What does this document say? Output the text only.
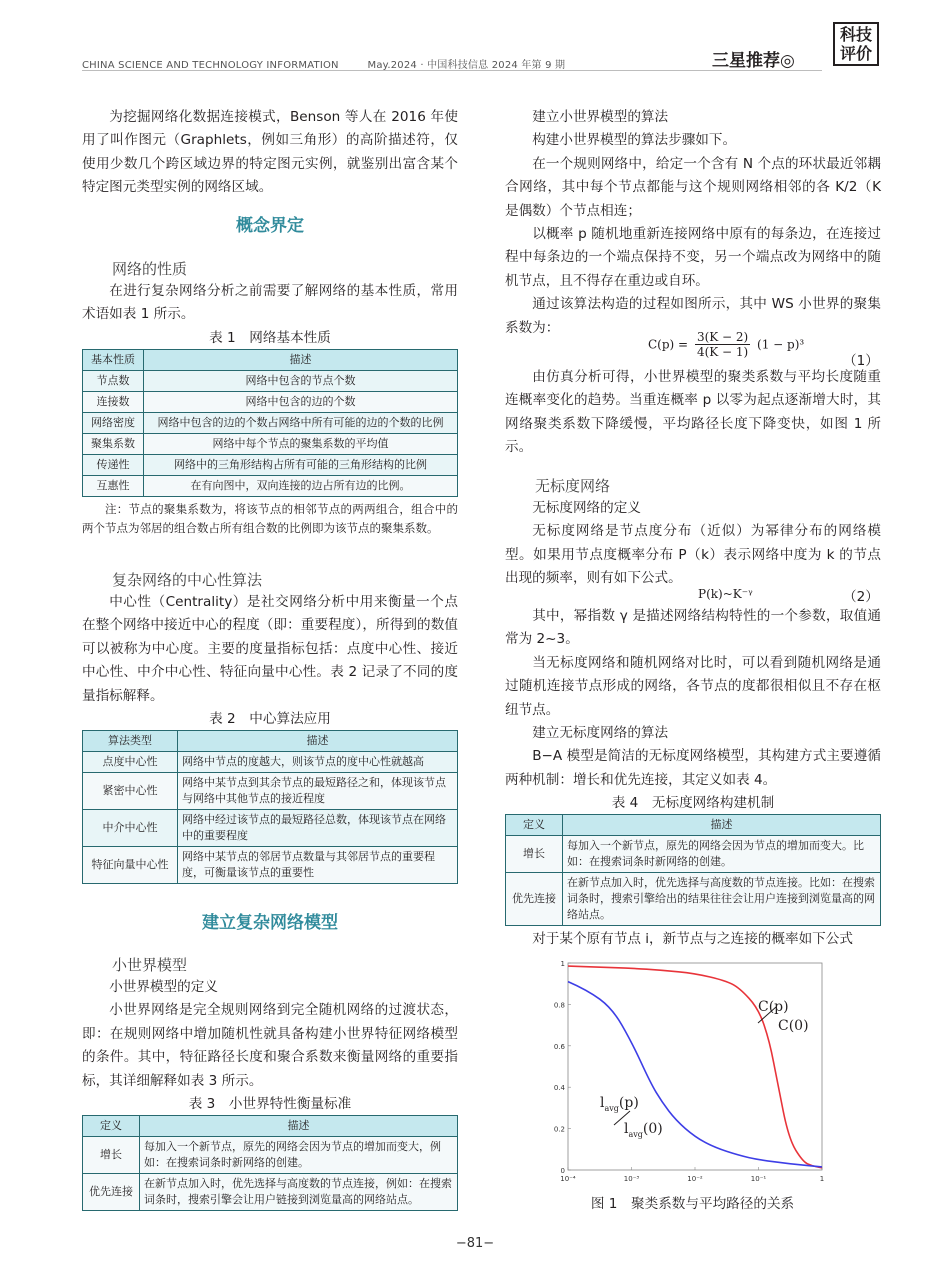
CHINA SCIENCE AND TECHNOLOGY INFORMATION	May.2024 · 中国科技信息 2024 年第 9 期	三星推荐◎
科技
评价

为挖掘网络化数据连接模式，Benson 等人在 2016 年使用了叫作图元（Graphlets，例如三角形）的高阶描述符，仅使用少数几个跨区域边界的特定图元实例，就鉴别出富含某个特定图元类型实例的网络区域。

概念界定
网络的性质

在进行复杂网络分析之前需要了解网络的基本性质，常用术语如表 1 所示。

表 1　网络基本性质
基本性质	描述
节点数	网络中包含的节点个数
连接数	网络中包含的边的个数
网络密度	网络中包含的边的个数占网络中所有可能的边的个数的比例
聚集系数	网络中每个节点的聚集系数的平均值
传递性	网络中的三角形结构占所有可能的三角形结构的比例
互惠性	在有向图中，双向连接的边占所有边的比例。
注：节点的聚集系数为，将该节点的相邻节点的两两组合，组合中的两个节点为邻居的组合数占所有组合数的比例即为该节点的聚集系数。
复杂网络的中心性算法

中心性（Centrality）是社交网络分析中用来衡量一个点在整个网络中接近中心的程度（即：重要程度），所得到的数值可以被称为中心度。主要的度量指标包括：点度中心性、接近中心性、中介中心性、特征向量中心性。表 2 记录了不同的度量指标解释。

表 2　中心算法应用
算法类型	描述
点度中心性	网络中节点的度越大，则该节点的度中心性就越高
紧密中心性	网络中某节点到其余节点的最短路径之和，体现该节点与网络中其他节点的接近程度
中介中心性	网络中经过该节点的最短路径总数，体现该节点在网络中的重要程度
特征向量中心性	网络中某节点的邻居节点数量与其邻居节点的重要程度，可衡量该节点的重要性
建立复杂网络模型
小世界模型
小世界模型的定义

小世界网络是完全规则网络到完全随机网络的过渡状态，即：在规则网络中增加随机性就具备构建小世界特征网络模型的条件。其中，特征路径长度和聚合系数来衡量网络的重要指标，其详细解释如表 3 所示。

表 3　小世界特性衡量标准
定义	描述
增长	每加入一个新节点，原先的网络会因为节点的增加而变大，例如：在搜索词条时新网络的创建。
优先连接	在新节点加入时，优先选择与高度数的节点连接，例如：在搜索词条时，搜索引擎会让用户链接到浏览量高的网络站点。

建立小世界模型的算法

构建小世界模型的算法步骤如下。

在一个规则网络中，给定一个含有 N 个点的环状最近邻耦合网络，其中每个节点都能与这个规则网络相邻的各 K/2（K 是偶数）个节点相连；

以概率 p 随机地重新连接网络中原有的每条边，在连接过程中每条边的一个端点保持不变，另一个端点改为网络中的随机节点，且不得存在重边或自环。

通过该算法构造的过程如图所示，其中 WS 小世界的聚集系数为：

$C(p) = \frac{3(K - 2)}{4(K - 1)} (1 - p)^3$
（1）

由仿真分析可得，小世界模型的聚类系数与平均长度随重连概率变化的趋势。当重连概率 p 以零为起点逐渐增大时，其网络聚类系数下降缓慢，平均路径长度下降变快，如图 1 所示。

无标度网络

无标度网络的定义

无标度网络是节点度分布（近似）为幂律分布的网络模型。如果用节点度概率分布 P（k）表示网络中度为 k 的节点出现的频率，则有如下公式。

P(k)~K⁻ᵞ	（2）

其中，幂指数 γ 是描述网络结构特性的一个参数，取值通常为 2~3。

当无标度网络和随机网络对比时，可以看到随机网络是通过随机连接节点形成的网络，各节点的度都很相似且不存在枢纽节点。

建立无标度网络的算法

B−A 模型是简洁的无标度网络模型，其构建方式主要遵循两种机制：增长和优先连接，其定义如表 4。

表 4　无标度网络构建机制
定义	描述
增长	每加入一个新节点，原先的网络会因为节点的增加而变大。比如：在搜索词条时新网络的创建。
优先连接	在新节点加入时，优先选择与高度数的节点连接。比如：在搜索词条时，搜索引擎给出的结果往往会让用户连接到浏览量高的网络站点。

对于某个原有节点 i，新节点与之连接的概率如下公式

0
0.2
0.4
0.6
0.8
1
10⁻⁴	10⁻³	10⁻²	10⁻¹	1
C(p)
C(0)
$l_{avg}(p)$
$l_{avg}(0)$
图 1　聚类系数与平均路径的关系
−81−
